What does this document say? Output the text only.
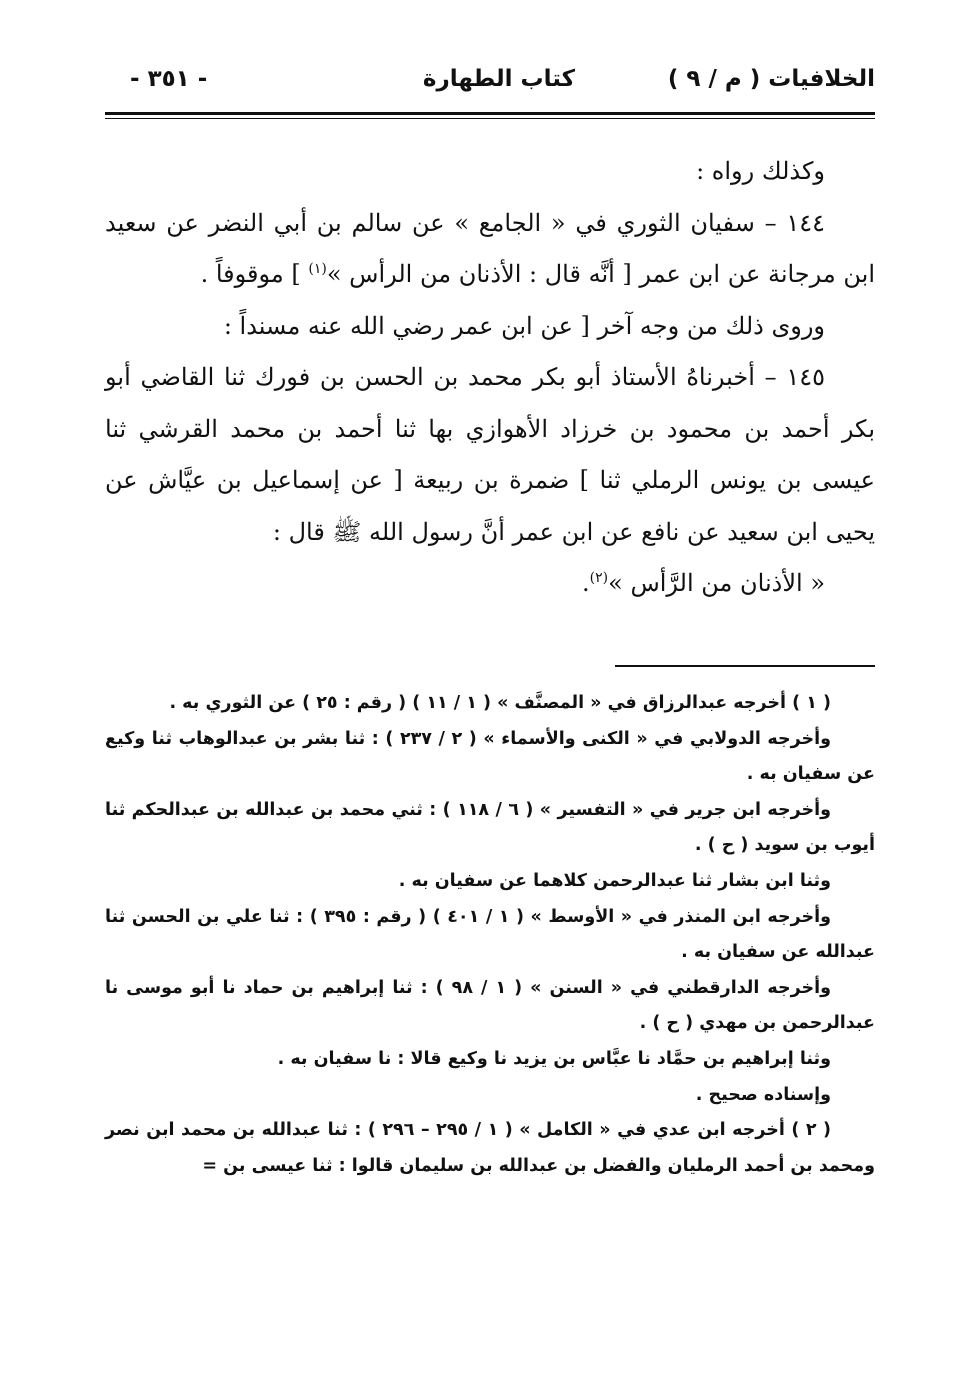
الخلافيات ( م / ٩ )
كتاب الطهارة
- ٣٥١ -

وكذلك رواه :

١٤٤ – سفيان الثوري في « الجامع » عن سالم بن أبي النضر عن سعيد ابن مرجانة عن ابن عمر [ أنَّه قال : الأذنان من الرأس »$^{(١)}$ ] موقوفاً .

وروى ذلك من وجه آخر [ عن ابن عمر رضي الله عنه مسنداً :

١٤٥ – أخبرناهُ الأستاذ أبو بكر محمد بن الحسن بن فورك ثنا القاضي أبو بكر أحمد بن محمود بن خرزاد الأهوازي بها ثنا أحمد بن محمد القرشي ثنا عيسى بن يونس الرملي ثنا ] ضمرة بن ربيعة [ عن إسماعيل بن عيَّاش عن يحيى ابن سعيد عن نافع عن ابن عمر أنَّ رسول الله ﷺ قال :

« الأذنان من الرَّأس »$^{(٢)}$.

( ١ ) أخرجه عبدالرزاق في « المصنَّف » ( ١ / ١١ ) ( رقم : ٢٥ ) عن الثوري به .

وأخرجه الدولابي في « الكنى والأسماء » ( ٢ / ٢٣٧ ) : ثنا بشر بن عبدالوهاب ثنا وكيع عن سفيان به .

وأخرجه ابن جرير في « التفسير » ( ٦ / ١١٨ ) : ثني محمد بن عبدالله بن عبدالحكم ثنا أيوب بن سويد ( ح ) .

وثنا ابن بشار ثنا عبدالرحمن كلاهما عن سفيان به .

وأخرجه ابن المنذر في « الأوسط » ( ١ / ٤٠١ ) ( رقم : ٣٩٥ ) : ثنا علي بن الحسن ثنا عبدالله عن سفيان به .

وأخرجه الدارقطني في « السنن » ( ١ / ٩٨ ) : ثنا إبراهيم بن حماد نا أبو موسى نا عبدالرحمن بن مهدي ( ح ) .

وثنا إبراهيم بن حمَّاد نا عبَّاس بن يزيد نا وكيع قالا : نا سفيان به .

وإسناده صحيح .

( ٢ ) أخرجه ابن عدي في « الكامل » ( ١ / ٢٩٥ – ٢٩٦ ) : ثنا عبدالله بن محمد ابن نصر ومحمد بن أحمد الرمليان والفضل بن عبدالله بن سليمان قالوا : ثنا عيسى بن =
